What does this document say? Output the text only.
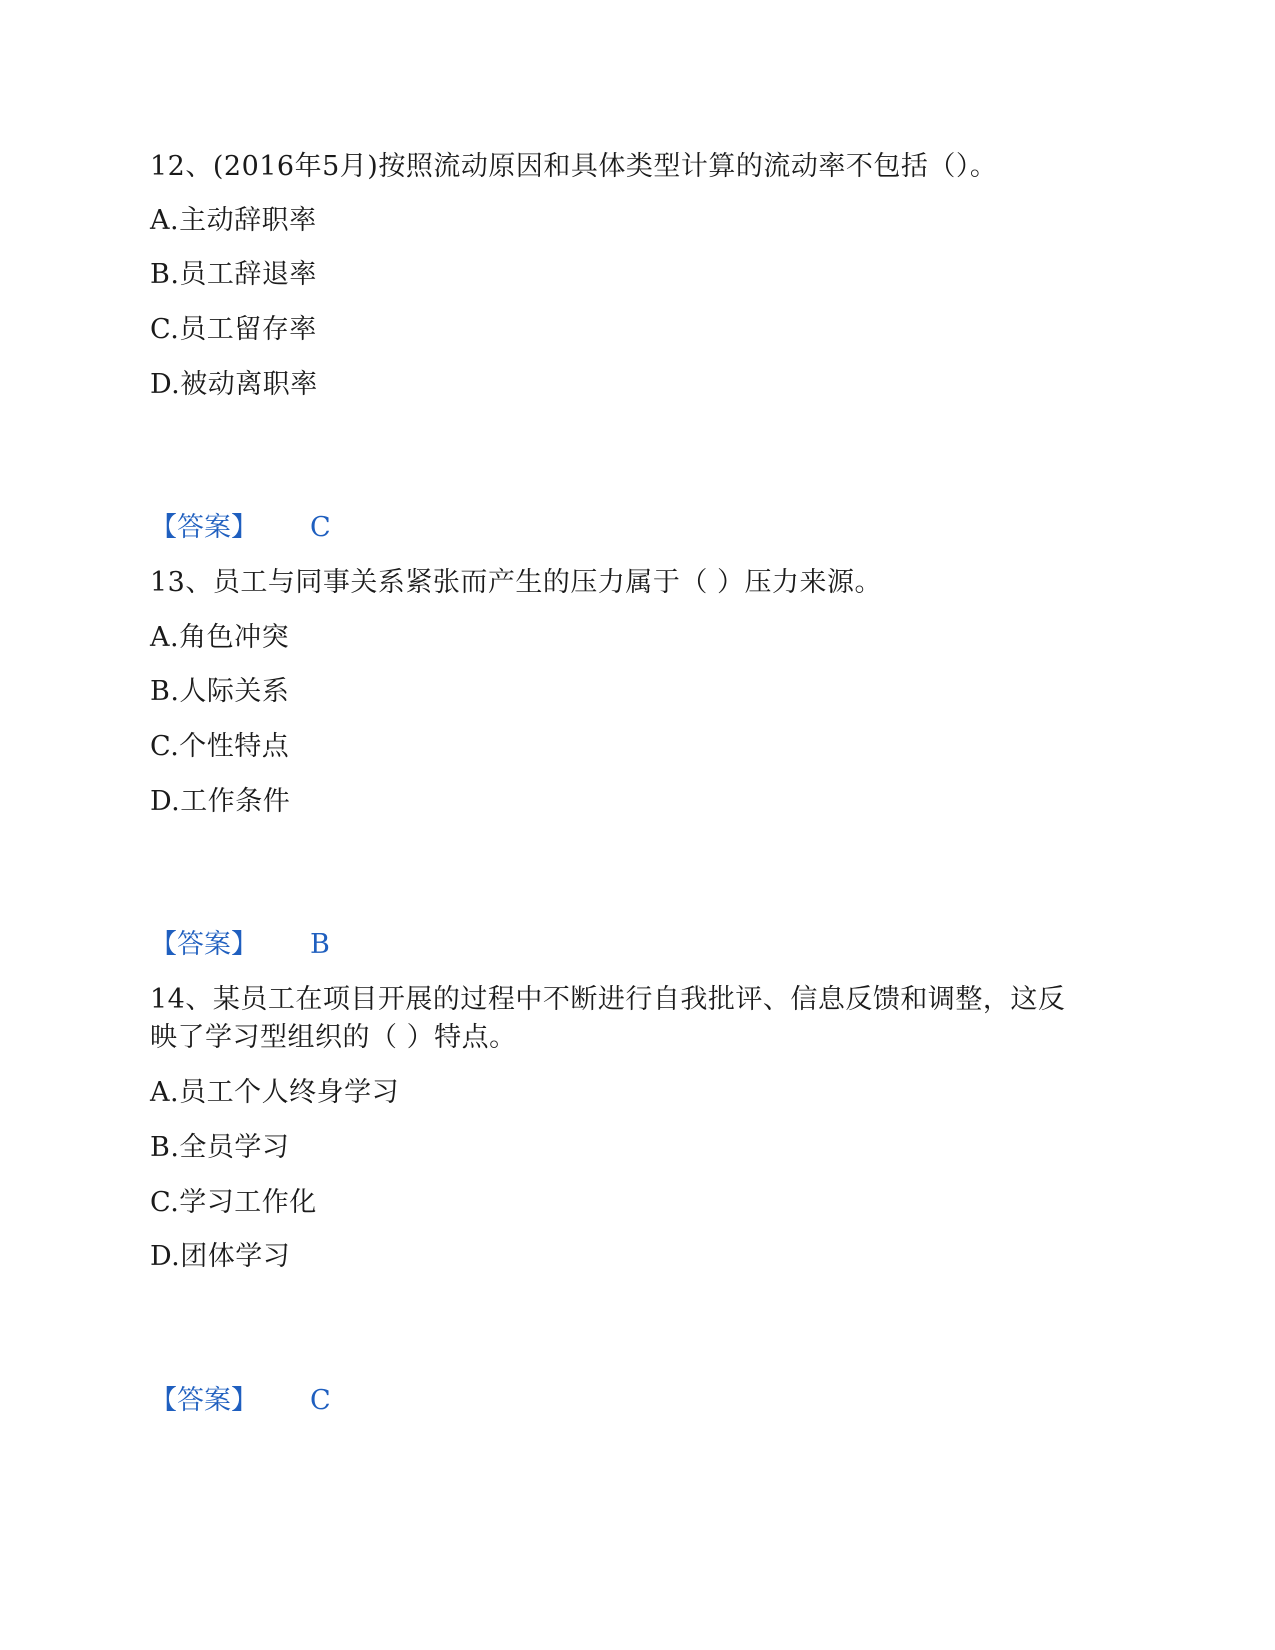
12、(2016年5月)按照流动原因和具体类型计算的流动率不包括（）。
A.主动辞职率
B.员工辞退率
C.员工留存率
D.被动离职率
【答案】 C
13、员工与同事关系紧张而产生的压力属于（ ）压力来源。
A.角色冲突
B.人际关系
C.个性特点
D.工作条件
【答案】 B
14、某员工在项目开展的过程中不断进行自我批评、信息反馈和调整，这反
映了学习型组织的（ ）特点。
A.员工个人终身学习
B.全员学习
C.学习工作化
D.团体学习
【答案】 C
